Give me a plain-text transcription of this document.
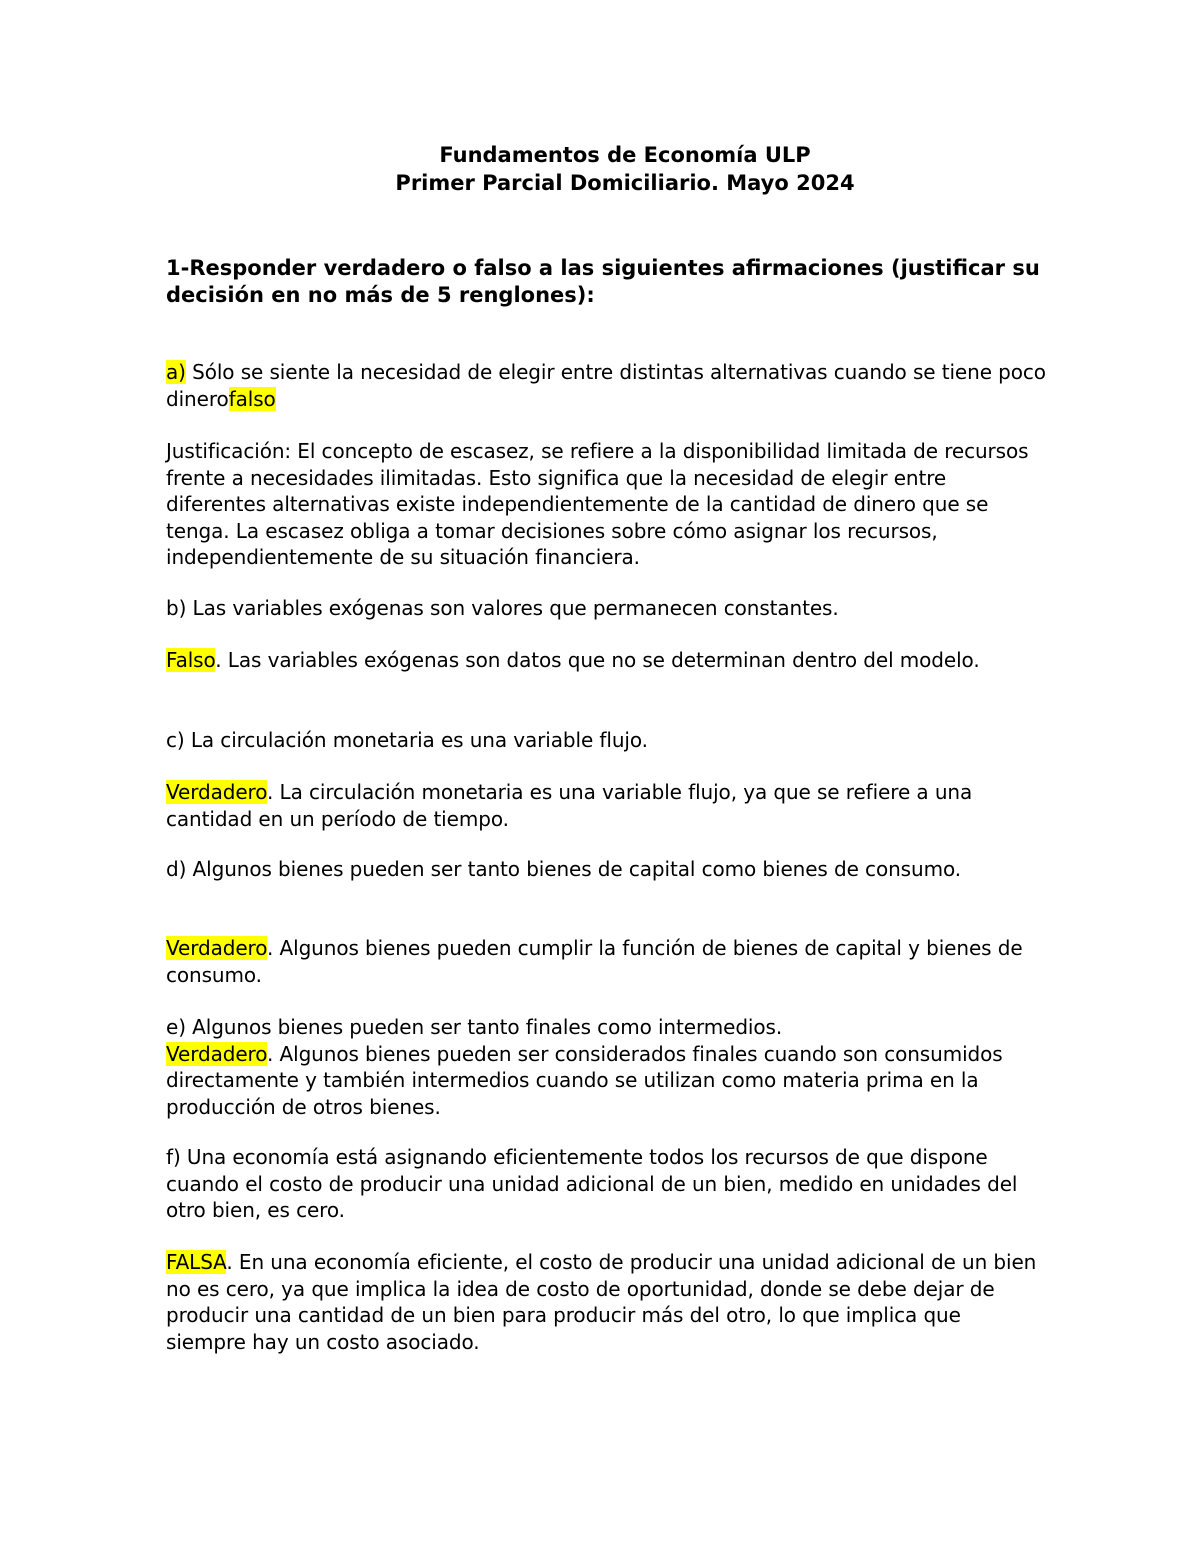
Fundamentos de Economía ULP
Primer Parcial Domiciliario. Mayo 2024
1-Responder verdadero o falso a las siguientes afirmaciones (justificar su decisión en no más de 5 renglones):
a) Sólo se siente la necesidad de elegir entre distintas alternativas cuando se tiene poco dinerofalso
Justificación: El concepto de escasez, se refiere a la disponibilidad limitada de recursos frente a necesidades ilimitadas. Esto significa que la necesidad de elegir entre diferentes alternativas existe independientemente de la cantidad de dinero que se tenga. La escasez obliga a tomar decisiones sobre cómo asignar los recursos, independientemente de su situación financiera.
b) Las variables exógenas son valores que permanecen constantes.
Falso. Las variables exógenas son datos que no se determinan dentro del modelo.
c) La circulación monetaria es una variable flujo.
Verdadero. La circulación monetaria es una variable flujo, ya que se refiere a una cantidad en un período de tiempo.
d) Algunos bienes pueden ser tanto bienes de capital como bienes de consumo.
Verdadero. Algunos bienes pueden cumplir la función de bienes de capital y bienes de consumo.
e) Algunos bienes pueden ser tanto finales como intermedios.
Verdadero. Algunos bienes pueden ser considerados finales cuando son consumidos directamente y también intermedios cuando se utilizan como materia prima en la producción de otros bienes.
f) Una economía está asignando eficientemente todos los recursos de que dispone cuando el costo de producir una unidad adicional de un bien, medido en unidades del otro bien, es cero.
FALSA. En una economía eficiente, el costo de producir una unidad adicional de un bien no es cero, ya que implica la idea de costo de oportunidad, donde se debe dejar de producir una cantidad de un bien para producir más del otro, lo que implica que siempre hay un costo asociado.
